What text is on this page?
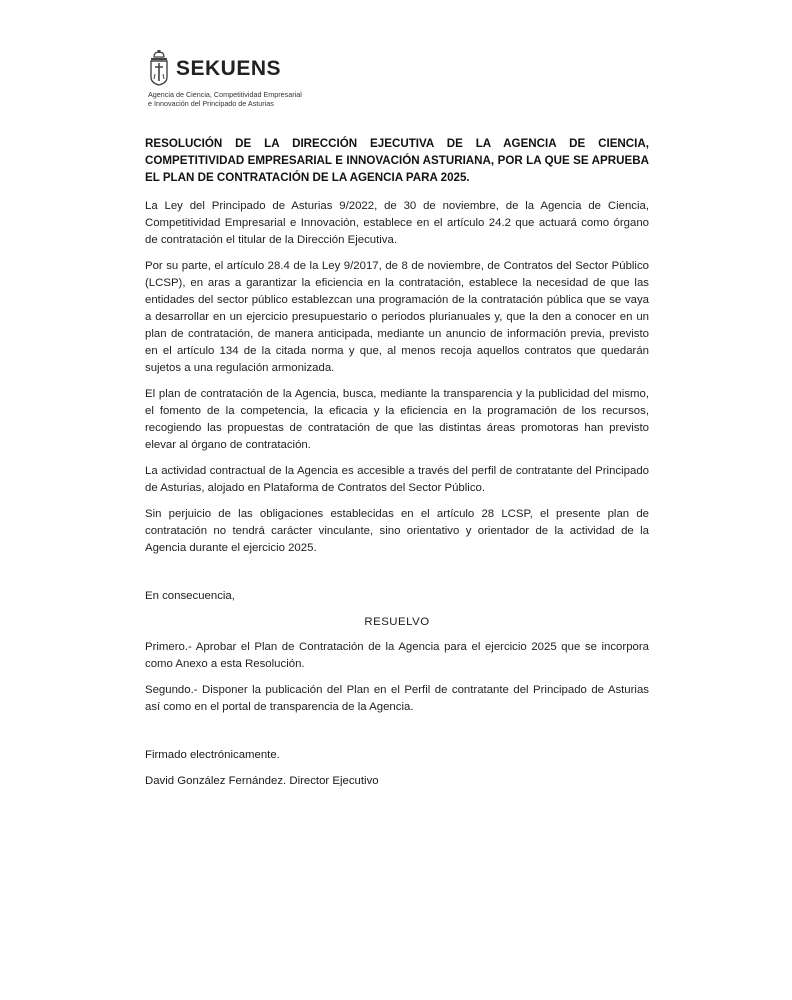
SEKUENS
Agencia de Ciencia, Competitividad Empresarial
e Innovación del Principado de Asturias
RESOLUCIÓN DE LA DIRECCIÓN EJECUTIVA DE LA AGENCIA DE CIENCIA, COMPETITIVIDAD EMPRESARIAL E INNOVACIÓN ASTURIANA, POR LA QUE SE APRUEBA EL PLAN DE CONTRATACIÓN DE LA AGENCIA PARA 2025.

La Ley del Principado de Asturias 9/2022, de 30 de noviembre, de la Agencia de Ciencia, Competitividad Empresarial e Innovación, establece en el artículo 24.2 que actuará como órgano de contratación el titular de la Dirección Ejecutiva.

Por su parte, el artículo 28.4 de la Ley 9/2017, de 8 de noviembre, de Contratos del Sector Público (LCSP), en aras a garantizar la eficiencia en la contratación, establece la necesidad de que las entidades del sector público establezcan una programación de la contratación pública que se vaya a desarrollar en un ejercicio presupuestario o periodos plurianuales y, que la den a conocer en un plan de contratación, de manera anticipada, mediante un anuncio de información previa, previsto en el artículo 134 de la citada norma y que, al menos recoja aquellos contratos que quedarán sujetos a una regulación armonizada.

El plan de contratación de la Agencia, busca, mediante la transparencia y la publicidad del mismo, el fomento de la competencia, la eficacia y la eficiencia en la programación de los recursos, recogiendo las propuestas de contratación de que las distintas áreas promotoras han previsto elevar al órgano de contratación.

La actividad contractual de la Agencia es accesible a través del perfil de contratante del Principado de Asturias, alojado en Plataforma de Contratos del Sector Público.

Sin perjuicio de las obligaciones establecidas en el artículo 28 LCSP, el presente plan de contratación no tendrá carácter vinculante, sino orientativo y orientador de la actividad de la Agencia durante el ejercicio 2025.

En consecuencia,

RESUELVO

Primero.- Aprobar el Plan de Contratación de la Agencia para el ejercicio 2025 que se incorpora como Anexo a esta Resolución.

Segundo.- Disponer la publicación del Plan en el Perfil de contratante del Principado de Asturias así como en el portal de transparencia de la Agencia.

Firmado electrónicamente.
David González Fernández. Director Ejecutivo
